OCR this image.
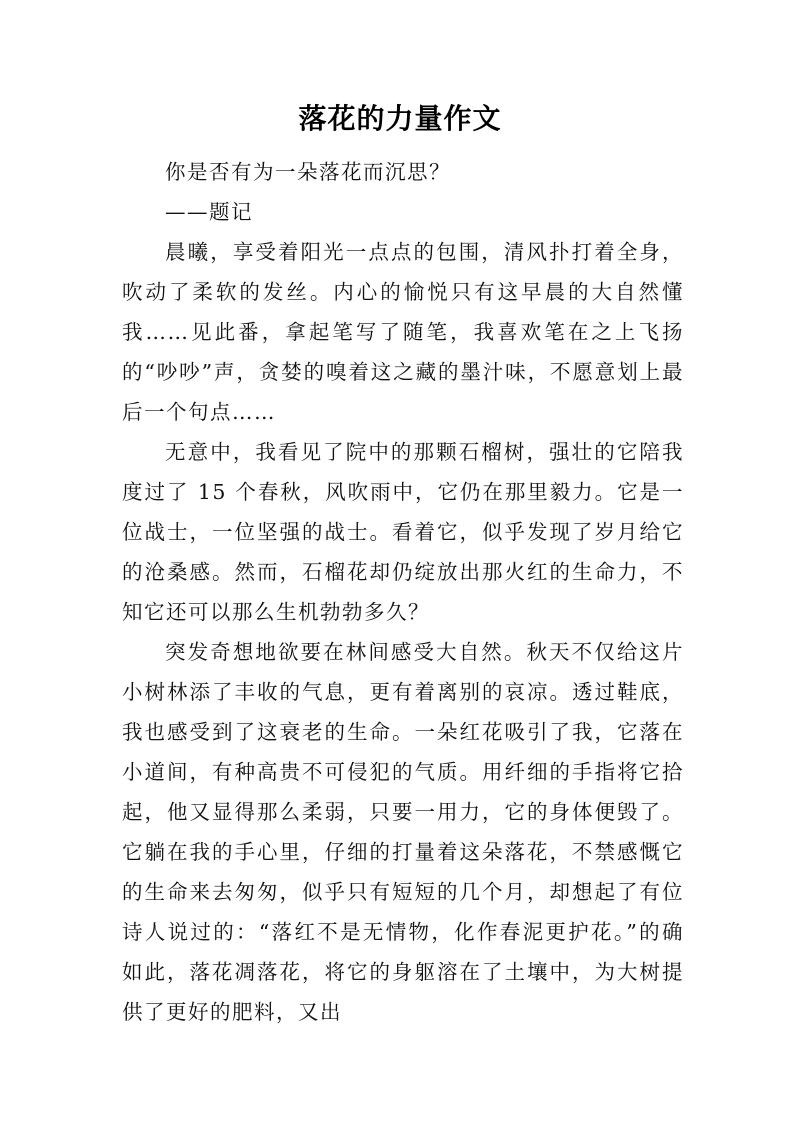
落花的力量作文

你是否有为一朵落花而沉思？

——题记

晨曦，享受着阳光一点点的包围，清风扑打着全身，吹动了柔软的发丝。内心的愉悦只有这早晨的大自然懂我……见此番，拿起笔写了随笔，我喜欢笔在之上飞扬的“吵吵”声，贪婪的嗅着这之藏的墨汁味，不愿意划上最后一个句点……

无意中，我看见了院中的那颗石榴树，强壮的它陪我度过了 15 个春秋，风吹雨中，它仍在那里毅力。它是一位战士，一位坚强的战士。看着它，似乎发现了岁月给它的沧桑感。然而，石榴花却仍绽放出那火红的生命力，不知它还可以那么生机勃勃多久？

突发奇想地欲要在林间感受大自然。秋天不仅给这片小树林添了丰收的气息，更有着离别的哀凉。透过鞋底，我也感受到了这衰老的生命。一朵红花吸引了我，它落在小道间，有种高贵不可侵犯的气质。用纤细的手指将它拾起，他又显得那么柔弱，只要一用力，它的身体便毁了。它躺在我的手心里，仔细的打量着这朵落花，不禁感慨它的生命来去匆匆，似乎只有短短的几个月，却想起了有位诗人说过的：“落红不是无情物，化作春泥更护花。”的确如此，落花凋落花，将它的身躯溶在了土壤中，为大树提供了更好的肥料，又出
